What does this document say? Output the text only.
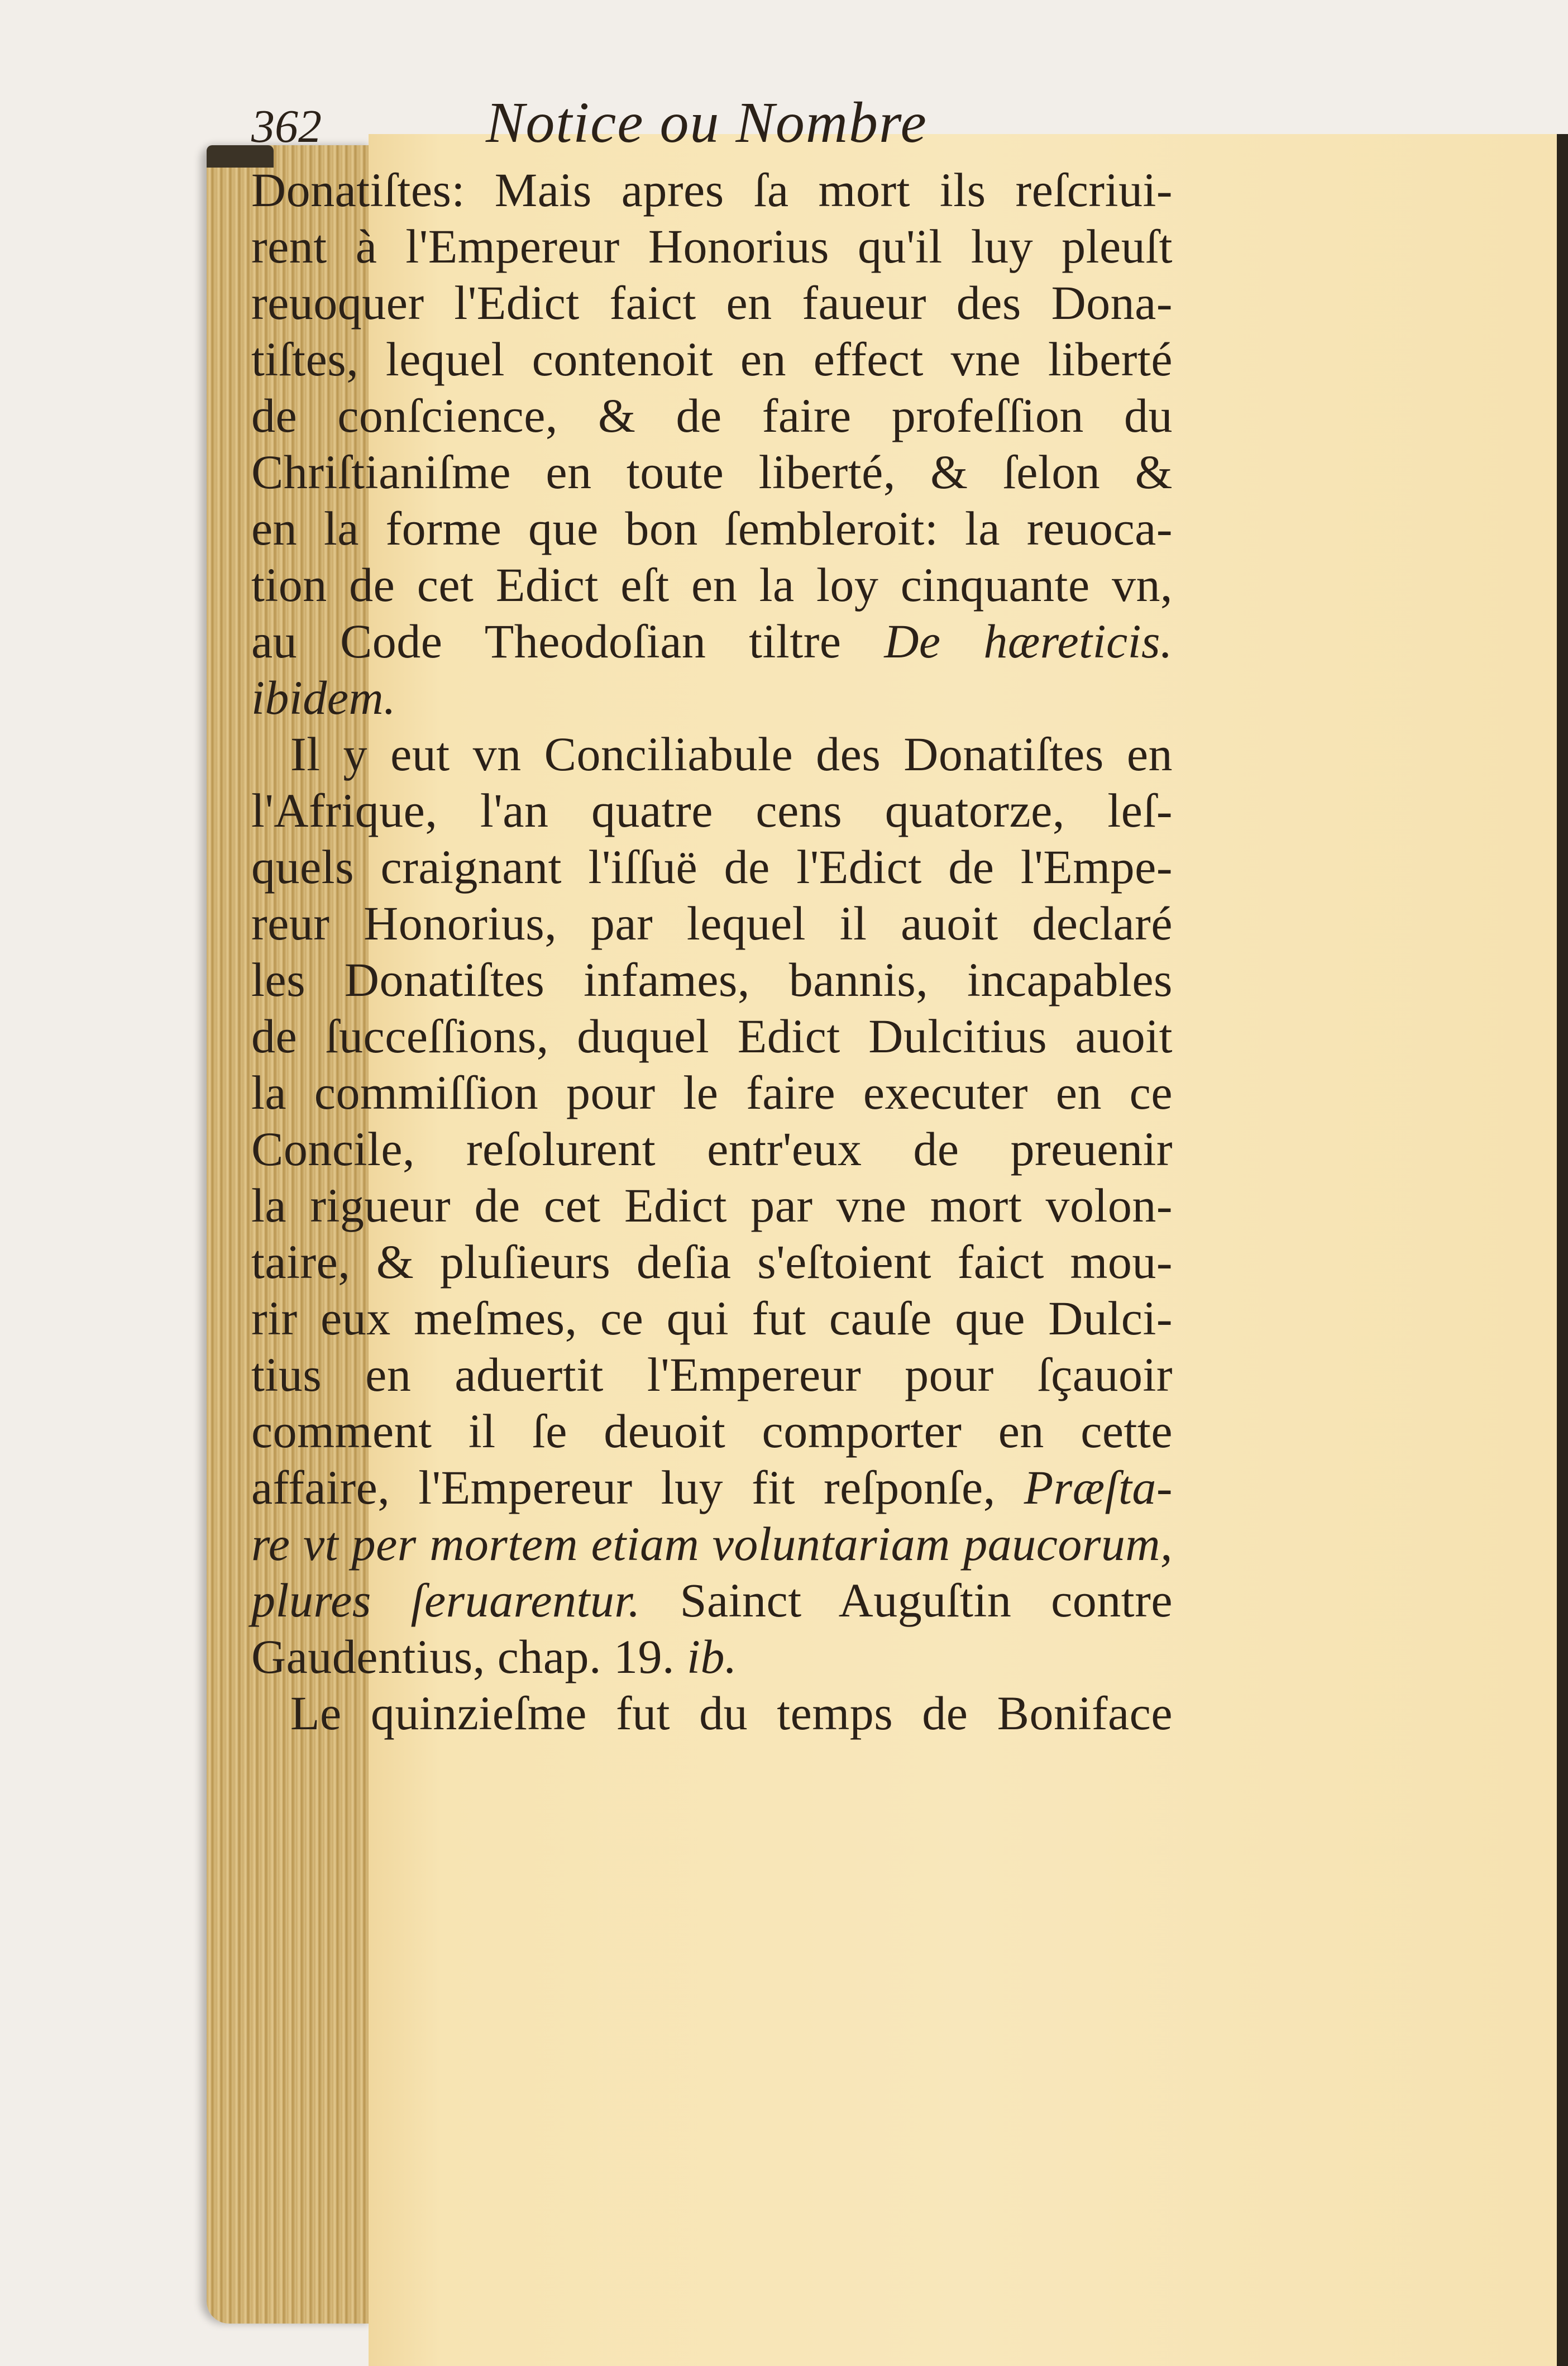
362	Notice ou Nombre
Donatiſtes: Mais apres ſa mort ils reſcriui-
rent à l'Empereur Honorius qu'il luy pleuſt
reuoquer l'Edict faict en faueur des Dona-
tiſtes, lequel contenoit en effect vne liberté
de conſcience, & de faire profeſſion du
Chriſtianiſme en toute liberté, & ſelon &
en la forme que bon ſembleroit: la reuoca-
tion de cet Edict eſt en la loy cinquante vn,
au Code Theodoſian tiltre De hæreticis.
ibidem.
Il y eut vn Conciliabule des Donatiſtes en
l'Afrique, l'an quatre cens quatorze, leſ-
quels craignant l'iſſuë de l'Edict de l'Empe-
reur Honorius, par lequel il auoit declaré
les Donatiſtes infames, bannis, incapables
de ſucceſſions, duquel Edict Dulcitius auoit
la commiſſion pour le faire executer en ce
Concile, reſolurent entr'eux de preuenir
la rigueur de cet Edict par vne mort volon-
taire, & pluſieurs deſia s'eſtoient faict mou-
rir eux meſmes, ce qui fut cauſe que Dulci-
tius en aduertit l'Empereur pour ſçauoir
comment il ſe deuoit comporter en cette
affaire, l'Empereur luy fit reſponſe, Præſta-
re vt per mortem etiam voluntariam paucorum,
plures ſeruarentur. Sainct Auguſtin contre
Gaudentius, chap. 19. ib.
Le quinzieſme fut du temps de Boniface
